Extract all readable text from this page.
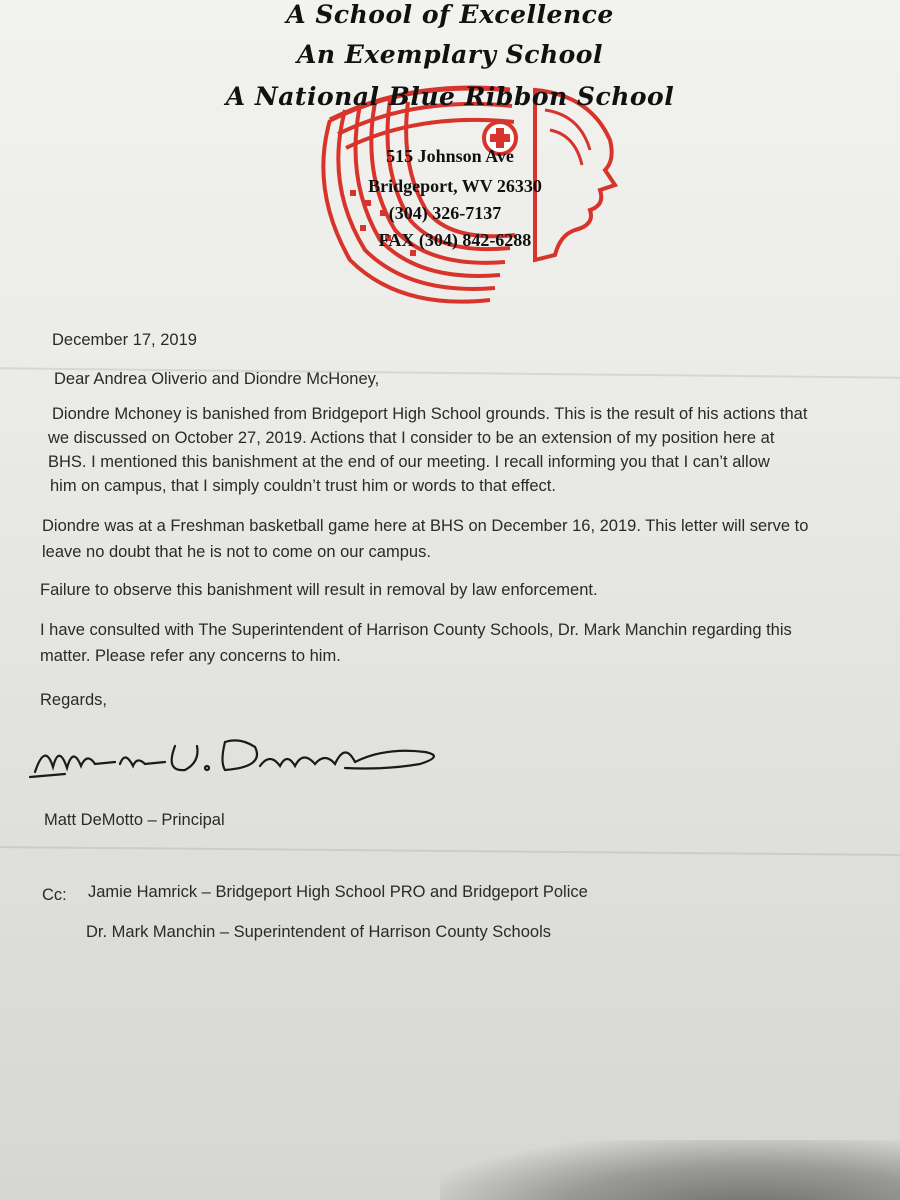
A School of Excellence
An Exemplary School
A National Blue Ribbon School
515 Johnson Ave
Bridgeport, WV 26330
(304) 326-7137
FAX (304) 842-6288
December 17, 2019
Dear Andrea Oliverio and Diondre McHoney,
Diondre Mchoney is banished from Bridgeport High School grounds. This is the result of his actions that
we discussed on October 27, 2019. Actions that I consider to be an extension of my position here at
BHS. I mentioned this banishment at the end of our meeting. I recall informing you that I can’t allow
him on campus, that I simply couldn’t trust him or words to that effect.
Diondre was at a Freshman basketball game here at BHS on December 16, 2019. This letter will serve to
leave no doubt that he is not to come on our campus.
Failure to observe this banishment will result in removal by law enforcement.
I have consulted with The Superintendent of Harrison County Schools, Dr. Mark Manchin regarding this
matter. Please refer any concerns to him.
Regards,
Matt DeMotto – Principal
Cc: Jamie Hamrick – Bridgeport High School PRO and Bridgeport Police
Dr. Mark Manchin – Superintendent of Harrison County Schools
